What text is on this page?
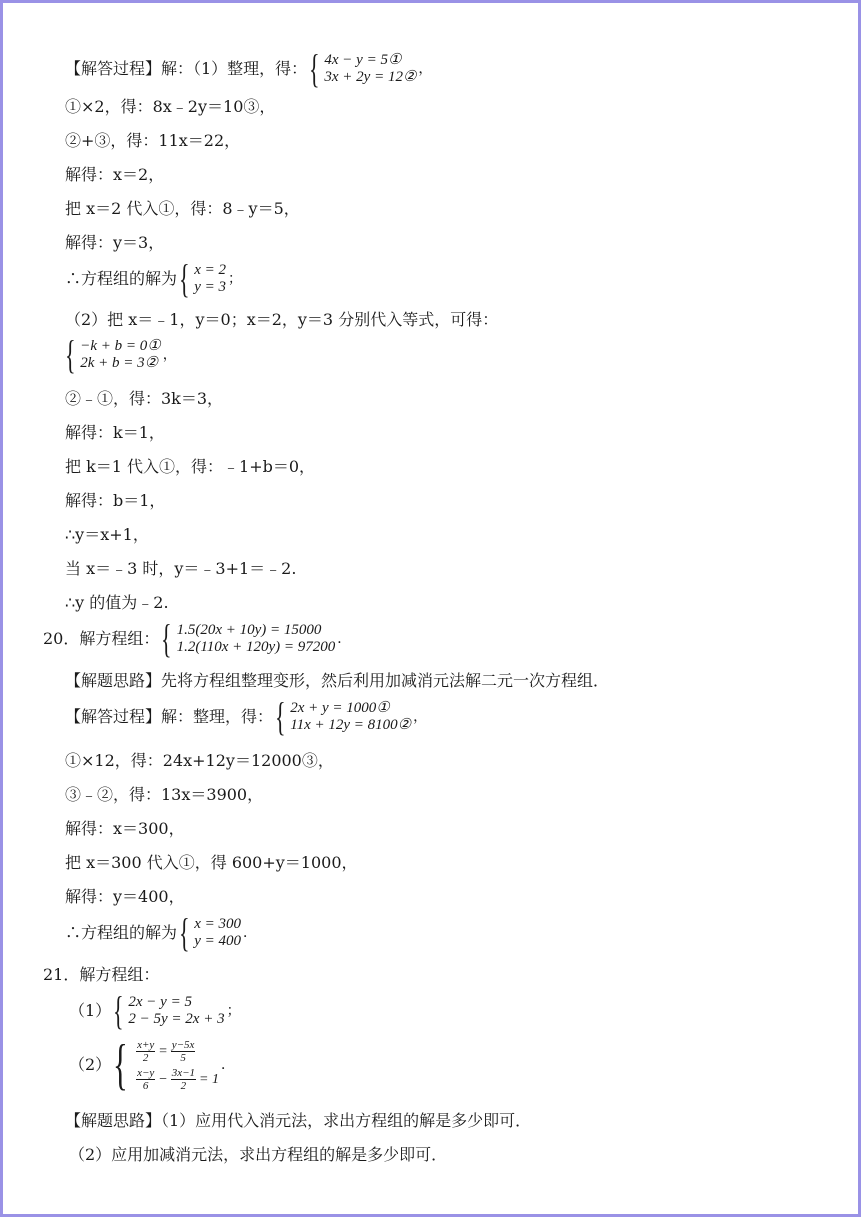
【解答过程】解：（1）整理，得： { 4x − y = 5①
3x + 2y = 12② ，
①×2，得：8x﹣2y＝10③，
②+③，得：11x＝22，
解得：x＝2，
把 x＝2 代入①，得：8﹣y＝5，
解得：y＝3，
∴方程组的解为 { x = 2
y = 3 ；
（2）把 x＝﹣1，y＝0；x＝2，y＝3 分别代入等式，可得：
{ −k + b = 0①
2k + b = 3② ，
②﹣①，得：3k＝3，
解得：k＝1，
把 k＝1 代入①，得：﹣1+b＝0，
解得：b＝1，
∴y＝x+1，
当 x＝﹣3 时，y＝﹣3+1＝﹣2.
∴y 的值为﹣2.
20．解方程组： { 1.5(20x + 10y) = 15000
1.2(110x + 120y) = 97200 ．
【解题思路】先将方程组整理变形，然后利用加减消元法解二元一次方程组．
【解答过程】解：整理，得： { 2x + y = 1000①
11x + 12y = 8100② ，
①×12，得：24x+12y＝12000③，
③﹣②，得：13x＝3900，
解得：x＝300，
把 x＝300 代入①，得 600+y＝1000，
解得：y＝400，
∴方程组的解为 { x = 300
y = 400 ．
21．解方程组：
（1） { 2x − y = 5
2 − 5y = 2x + 3 ；
（2） { $\frac{x+y}{2} = \frac{y-5x}{5}$
$\frac{x-y}{6} - \frac{3x-1}{2} = 1$
．
【解题思路】（1）应用代入消元法，求出方程组的解是多少即可．
（2）应用加减消元法，求出方程组的解是多少即可．
